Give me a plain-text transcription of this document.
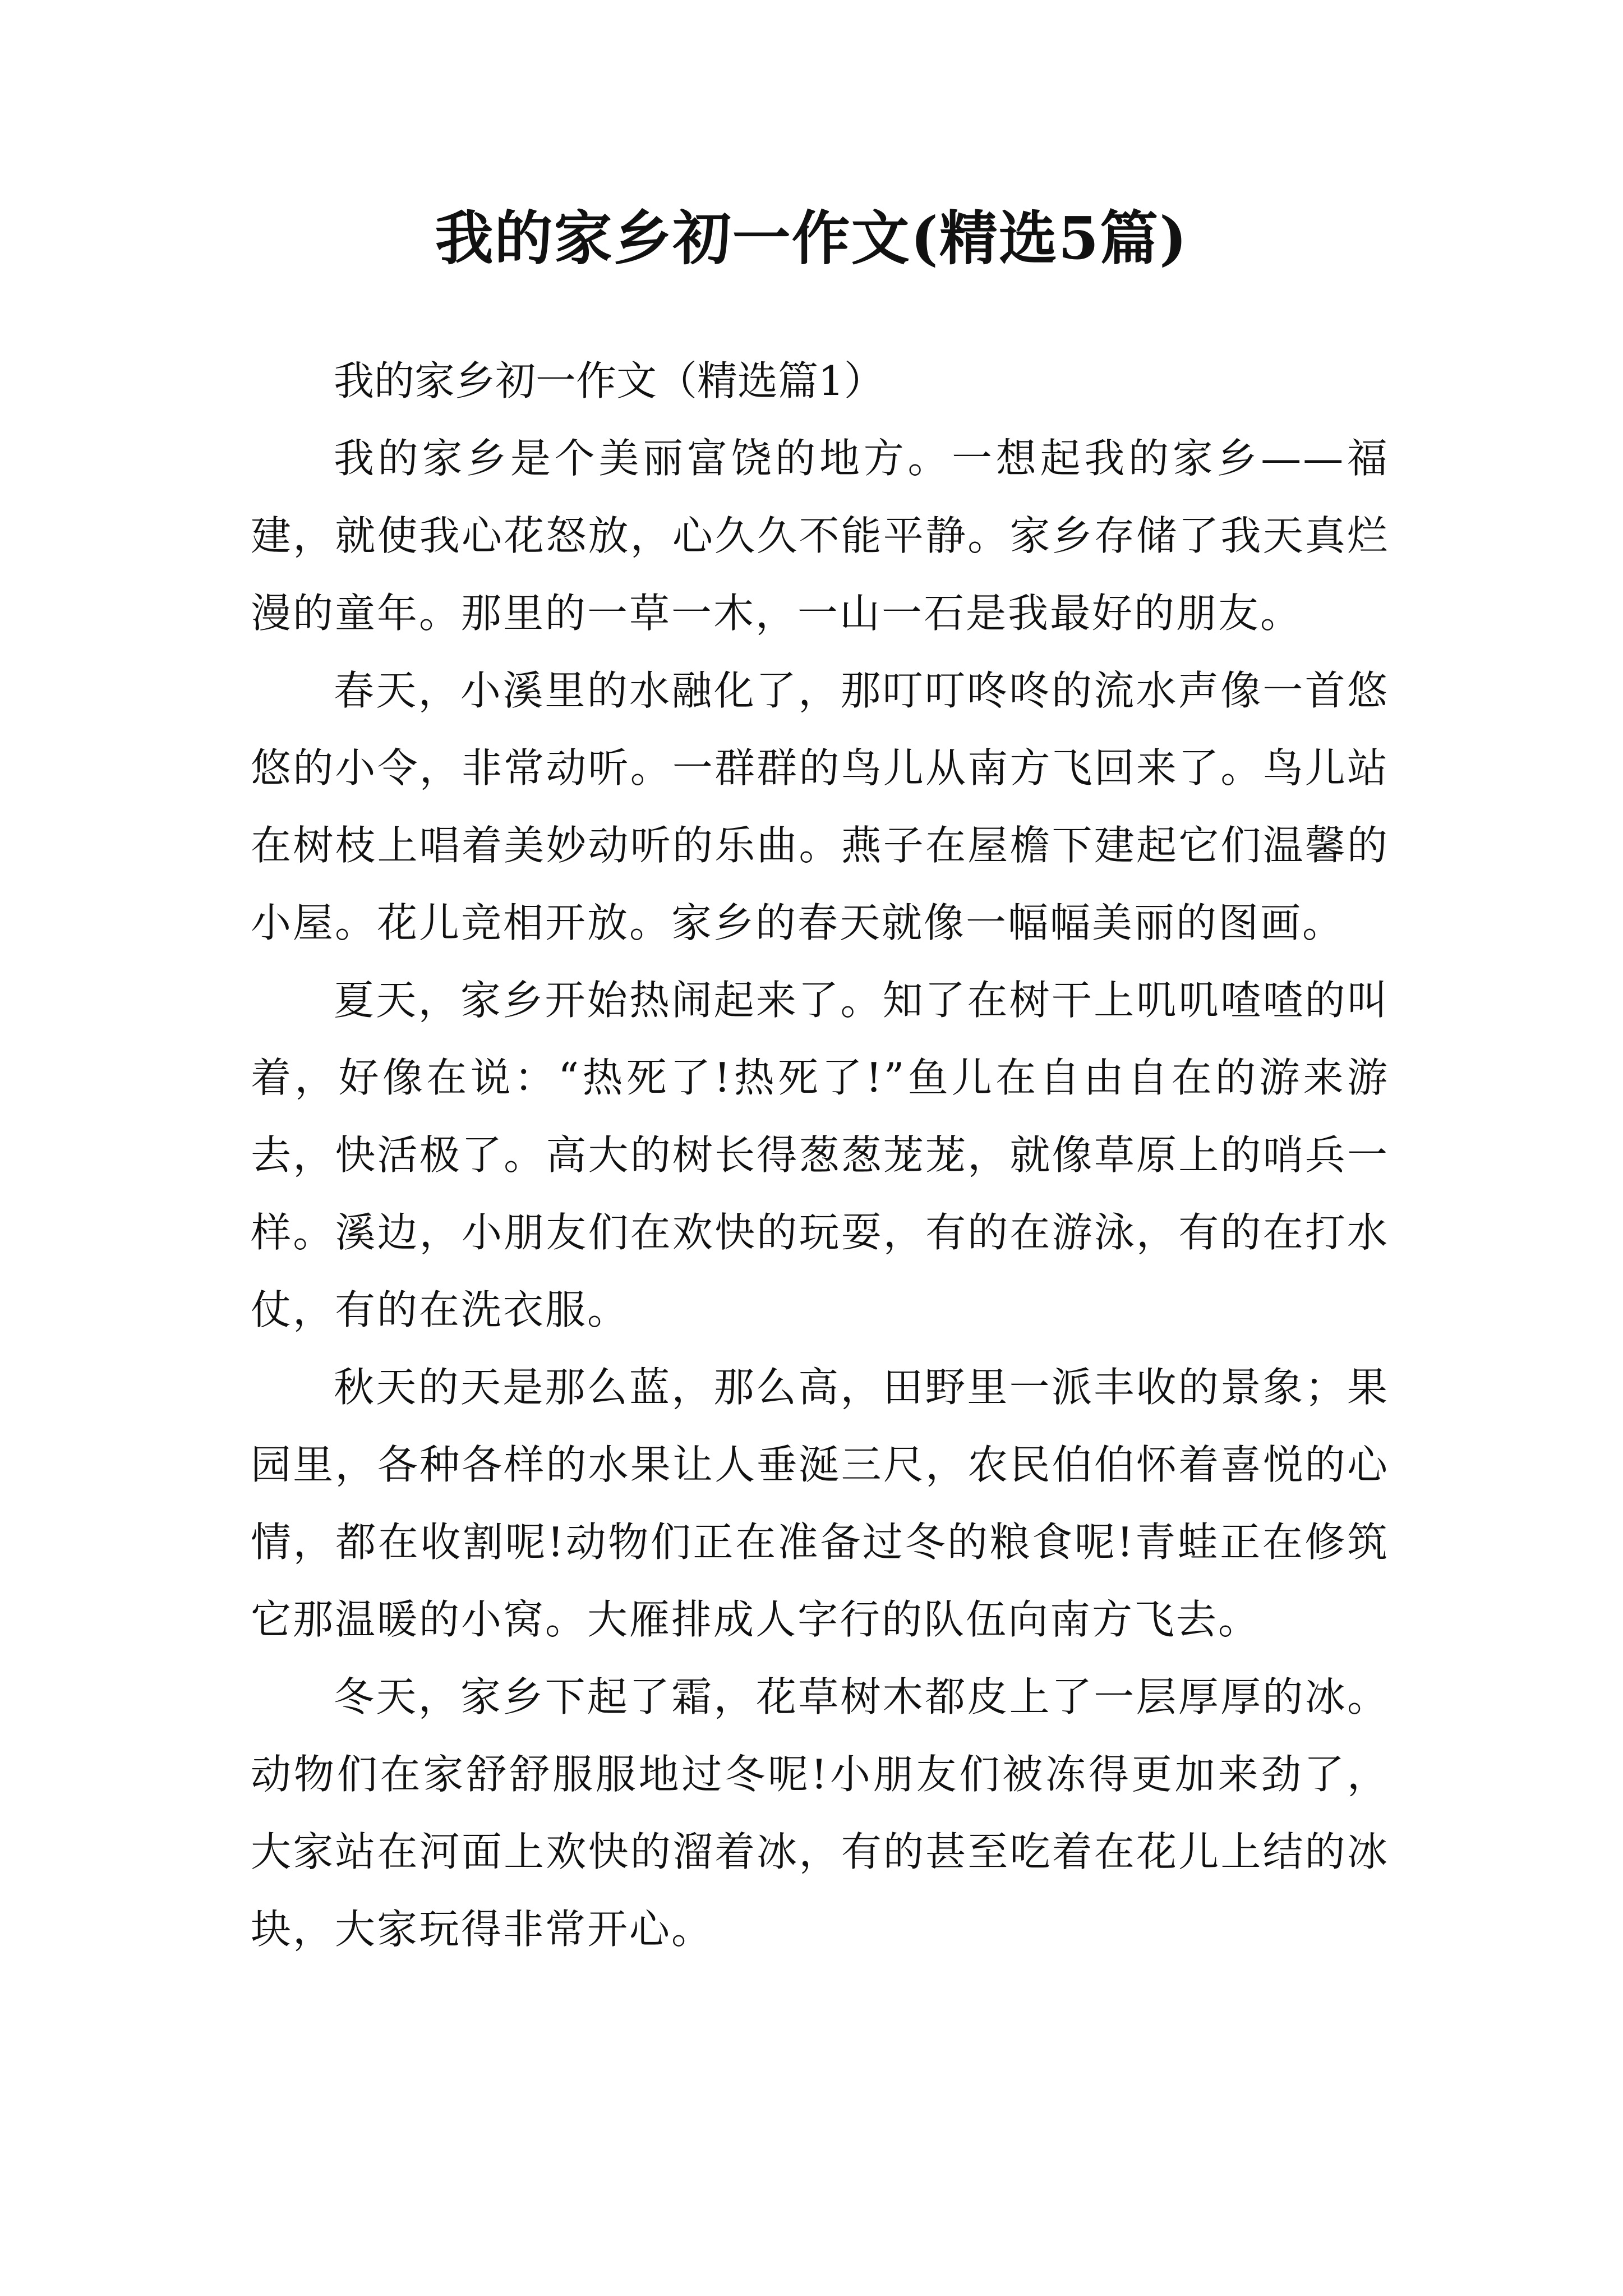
我的家乡初一作文(精选5篇)

我的家乡初一作文（精选篇1）

我的家乡是个美丽富饶的地方。一想起我的家乡——福建，就使我心花怒放，心久久不能平静。家乡存储了我天真烂漫的童年。那里的一草一木，一山一石是我最好的朋友。

春天，小溪里的水融化了，那叮叮咚咚的流水声像一首悠悠的小令，非常动听。一群群的鸟儿从南方飞回来了。鸟儿站在树枝上唱着美妙动听的乐曲。燕子在屋檐下建起它们温馨的小屋。花儿竞相开放。家乡的春天就像一幅幅美丽的图画。

夏天，家乡开始热闹起来了。知了在树干上叽叽喳喳的叫着，好像在说：“热死了!热死了!”鱼儿在自由自在的游来游去，快活极了。高大的树长得葱葱茏茏，就像草原上的哨兵一样。溪边，小朋友们在欢快的玩耍，有的在游泳，有的在打水仗，有的在洗衣服。

秋天的天是那么蓝，那么高，田野里一派丰收的景象；果园里，各种各样的水果让人垂涎三尺，农民伯伯怀着喜悦的心情，都在收割呢!动物们正在准备过冬的粮食呢!青蛙正在修筑它那温暖的小窝。大雁排成人字行的队伍向南方飞去。

冬天，家乡下起了霜，花草树木都皮上了一层厚厚的冰。动物们在家舒舒服服地过冬呢!小朋友们被冻得更加来劲了，大家站在河面上欢快的溜着冰，有的甚至吃着在花儿上结的冰块，大家玩得非常开心。
